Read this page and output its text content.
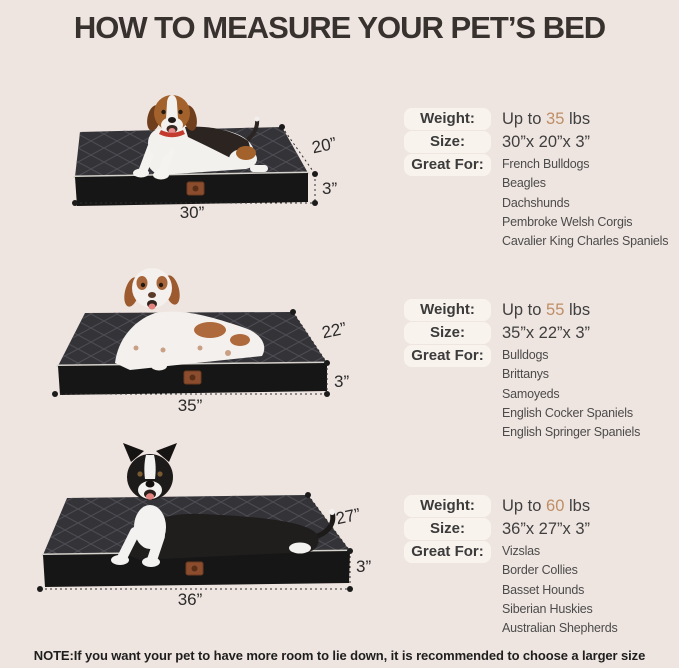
HOW TO MEASURE YOUR PET’S BED
20”
3”
30”
Weight:	Up to 35 lbs
Size:	30”x 20”x 3”
Great For:	French Bulldogs
Beagles
Dachshunds
Pembroke Welsh Corgis
Cavalier King Charles Spaniels
22”
3”
35”
Weight:	Up to 55 lbs
Size:	35”x 22”x 3”
Great For:	Bulldogs
Brittanys
Samoyeds
English Cocker Spaniels
English Springer Spaniels
27”
3”
36”
Weight:	Up to 60 lbs
Size:	36”x 27”x 3”
Great For:	Vizslas
Border Collies
Basset Hounds
Siberian Huskies
Australian Shepherds

NOTE:If you want your pet to have more room to lie down, it is recommended to choose a larger size
